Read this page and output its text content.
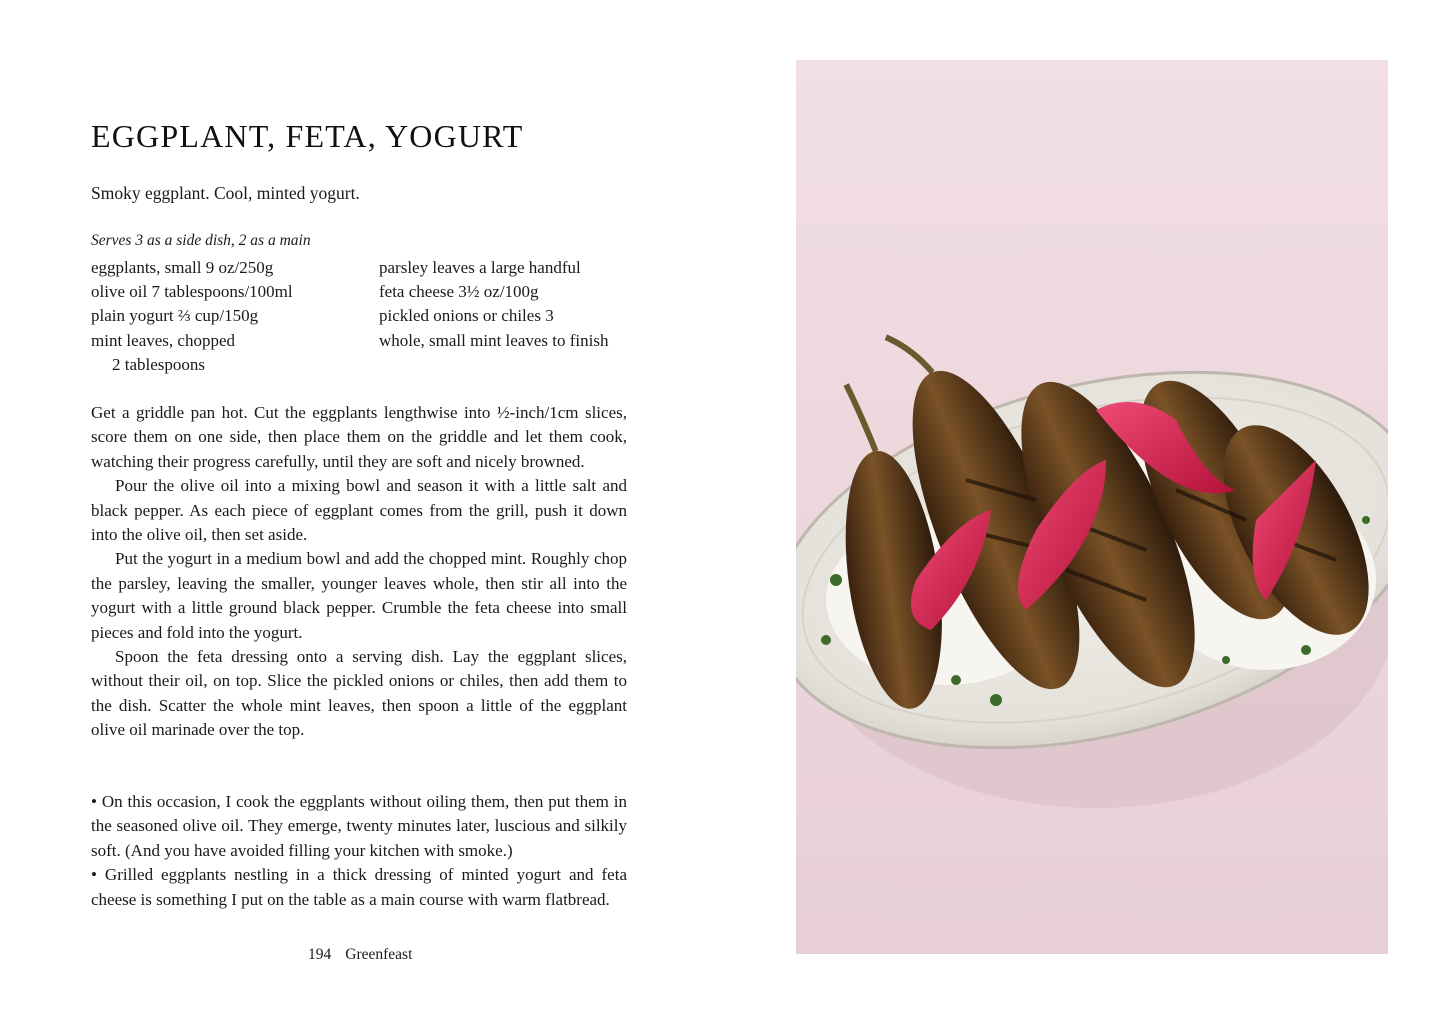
EGGPLANT, FETA, YOGURT

Smoky eggplant. Cool, minted yogurt.

Serves 3 as a side dish, 2 as a main

eggplants, small 9 oz/250g
olive oil 7 tablespoons/100ml
plain yogurt ⅔ cup/150g
mint leaves, chopped
2 tablespoons
parsley leaves a large handful
feta cheese 3½ oz/100g
pickled onions or chiles 3
whole, small mint leaves to finish

Get a griddle pan hot. Cut the eggplants lengthwise into ½-inch/1cm slices, score them on one side, then place them on the griddle and let them cook, watching their progress carefully, until they are soft and nicely browned.

Pour the olive oil into a mixing bowl and season it with a little salt and black pepper. As each piece of eggplant comes from the grill, push it down into the olive oil, then set aside.

Put the yogurt in a medium bowl and add the chopped mint. Roughly chop the parsley, leaving the smaller, younger leaves whole, then stir all into the yogurt with a little ground black pepper. Crumble the feta cheese into small pieces and fold into the yogurt.

Spoon the feta dressing onto a serving dish. Lay the eggplant slices, without their oil, on top. Slice the pickled onions or chiles, then add them to the dish. Scatter the whole mint leaves, then spoon a little of the eggplant olive oil marinade over the top.

• On this occasion, I cook the eggplants without oiling them, then put them in the seasoned olive oil. They emerge, twenty minutes later, luscious and silkily soft. (And you have avoided filling your kitchen with smoke.)

• Grilled eggplants nestling in a thick dressing of minted yogurt and feta cheese is something I put on the table as a main course with warm flatbread.

194 Greenfeast
